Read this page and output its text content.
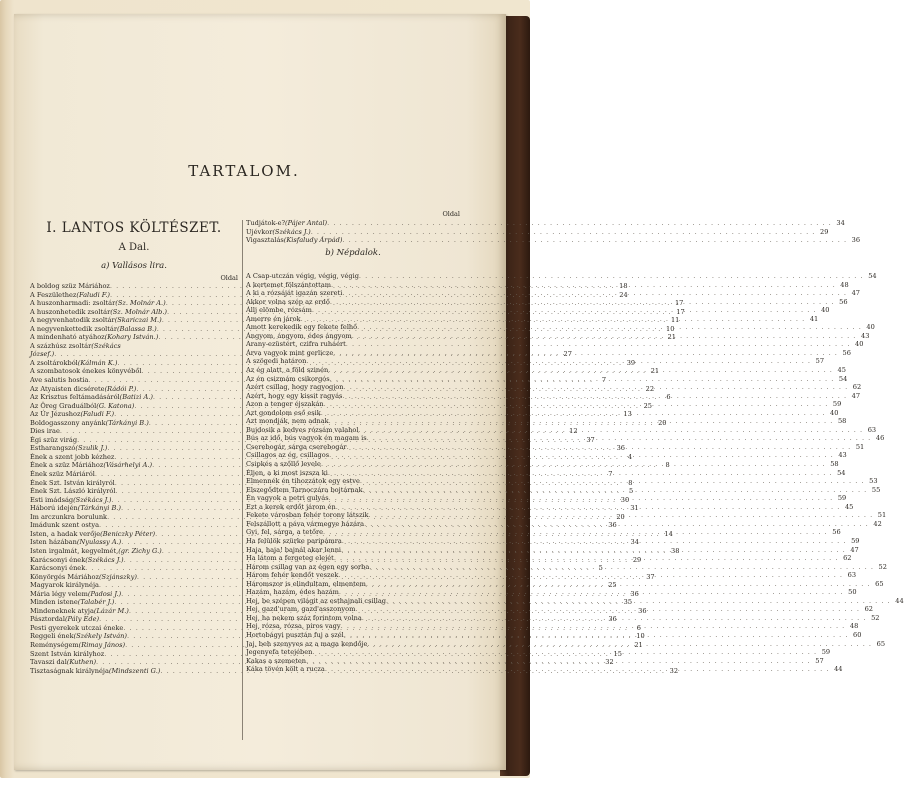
TARTALOM.
I. LANTOS KÖLTÉSZET.
A Dal.
a) Vallásos lira.
Oldal
A boldog szüz Máriához . . .	18
A Feszülethez (Faludi F.) . . .	24
A huszonharmadi: zsoltár (Sz. Molnár A.) . . .	17
A huszonhetedik zsoltár (Sz. Molnár Alb.) . . .	17
A negyvenhatodik zsoltár (Skariczai M.) . . .	11
A negyvenkettedik zsoltár (Balassa B.) . . .	10
A mindenható atyához (Kohary István.) . . .	21
A százhúsz zsoltár (Székács
József.) . . .	27
A zsoltárokból (Kálmán K.) . . .	39
A szombatosok énekes könyvéből . . .	21
Ave salutis hostia . . .	7
Az Atyaisten dicsérete (Rádói P.) . . .	22
Az Krisztus feltámadásáról (Batizi A.) . . .	6
Az Öreg Graduálból (G. Katona) . . .	25
Az Úr Jézushoz (Faludi F.) . . .	13
Boldogasszony anyánk (Tárkányi B.) . . .	20
Dies irae . . .	12
Égi szüz virág . . .	37
Estharangszó (Szulik J.) . . .	36
Ének a szent jobb kézhez . . .	4
Ének a szüz Máriához (Vásárhelyi A.) . . .	8
Ének szüz Máriáról . . .	7
Ének Szt. István királyról . . .	8
Ének Szt. László királyról . . .	5
Esti imádság (Székács J.) . . .	30
Háború idején (Tárkányi B.) . . .	31
Im arczunkra borulunk . . .	20
Imádunk szent ostya . . .	36
Isten, a hadak verője (Beniczky Péter) . . .	14
Isten házában (Nyulassy A.) . . .	34
Isten irgalmát, kegyelmét, (gr. Zichy G.) . . .	38
Karácsonyi ének (Székács J.) . . .	29
Karácsonyi ének . . .	5
Könyörgés Máriához (Szjánszky) . . .	37
Magyarok királynéja . . .	25
Mária légy velem (Padosi J.) . . .	36
Minden istene (Talabér J.) . . .	35
Mindeneknek atyja (Lázár M.) . . .	36
Pásztordal (Pály Ede) . . .	36
Pesti gyerekek utczai éneke . . .	6
Reggeli ének (Székely István) . . .	10
Reménységem (Rimay János) . . .	21
Szent István királyhoz . . .	15
Tavaszi dal (Kuthen) . . .	32
Tisztaságnak királynéja (Mindszenti G.) . . .	32
Oldal
Tudjátok-e? (Pájer Antal) . . .	34
Ujévkor (Székács J.) . . .	29
Vigasztalás (Kisfaludy Árpád) . . .	36
b) Népdalok.
A Csap-utczán végig, végig, végig . . .	54
A kertemet fölszántottam . . .	48
A ki a rózsáját igazán szereti . . .	47
Akkor volna szép az erdő . . .	56
Állj elömbe, rózsám . . .	40
Amerre én járok . . .	41
Amott kerekedik egy fekete felhő . . .	40
Ángyom, ángyom, édes ángyom . . .	43
Arany-ezüstért, czifra ruháért . . .	40
Árva vagyok mint gerlicze . . .	56
A szögedi határon . . .	57
Az ég alatt, a föld szinén . . .	45
Az én csizmám csikorgós . . .	54
Azért csillag, hogy ragyogjon . . .	62
Azért, hogy egy kissit ragyás . . .	47
Azon a tenger éjszakán . . .	59
Azt gondolom eső esik . . .	40
Azt mondják, nem adnak . . .	58
Bujdosik a kedves rózsám valahol . . .	63
Bús az idő, bús vagyok én magam is . . .	46
Cserebogár, sárga cserebogár . . .	51
Csillagos az ég, csillagos . . .	43
Csipkés a szőllő levele . . .	58
Éljen, a ki most iszsza ki . . .	54
Elmennék én tihozzátok egy estve . . .	53
Elszegődtem Tarnoczára bojtárnak . . .	55
Én vagyok a petri gulyás . . .	59
Ezt a kerek erdőt járom én . . .	45
Fekete városban fehér torony látszik . . .	51
Felszállott a páva vármegye házára . . .	42
Gyi, fel, sárga, a tetőre . . .	56
Ha felülök szürke paripámra . . .	59
Haja, haja! bajnál akar lenni . . .	47
Ha látom a fergeteg elejét . . .	62
Három csillag van az égen egy sorba . . .	52
Három fehér kendőt veszek . . .	63
Háromszor is elindultam, elmentem . . .	65
Hazám, hazám, édes hazám . . .	50
Hej, be szépen világit az esthajnali csillag . . .	44
Hej, gazd'uram, gazd'asszonyom . . .	62
Hej, ha nekem száz forintom volna . . .	52
Hej, rózsa, rózsa, piros vagy . . .	48
Hortobágyi pusztán fuj a szél . . .	60
Jaj, beh szenyves az a maga kendője . . .	65
Jegenyefa tetejében . . .	59
Kakas a szemeten . . .	57
Káka tövén költ a rucza . . .	44
